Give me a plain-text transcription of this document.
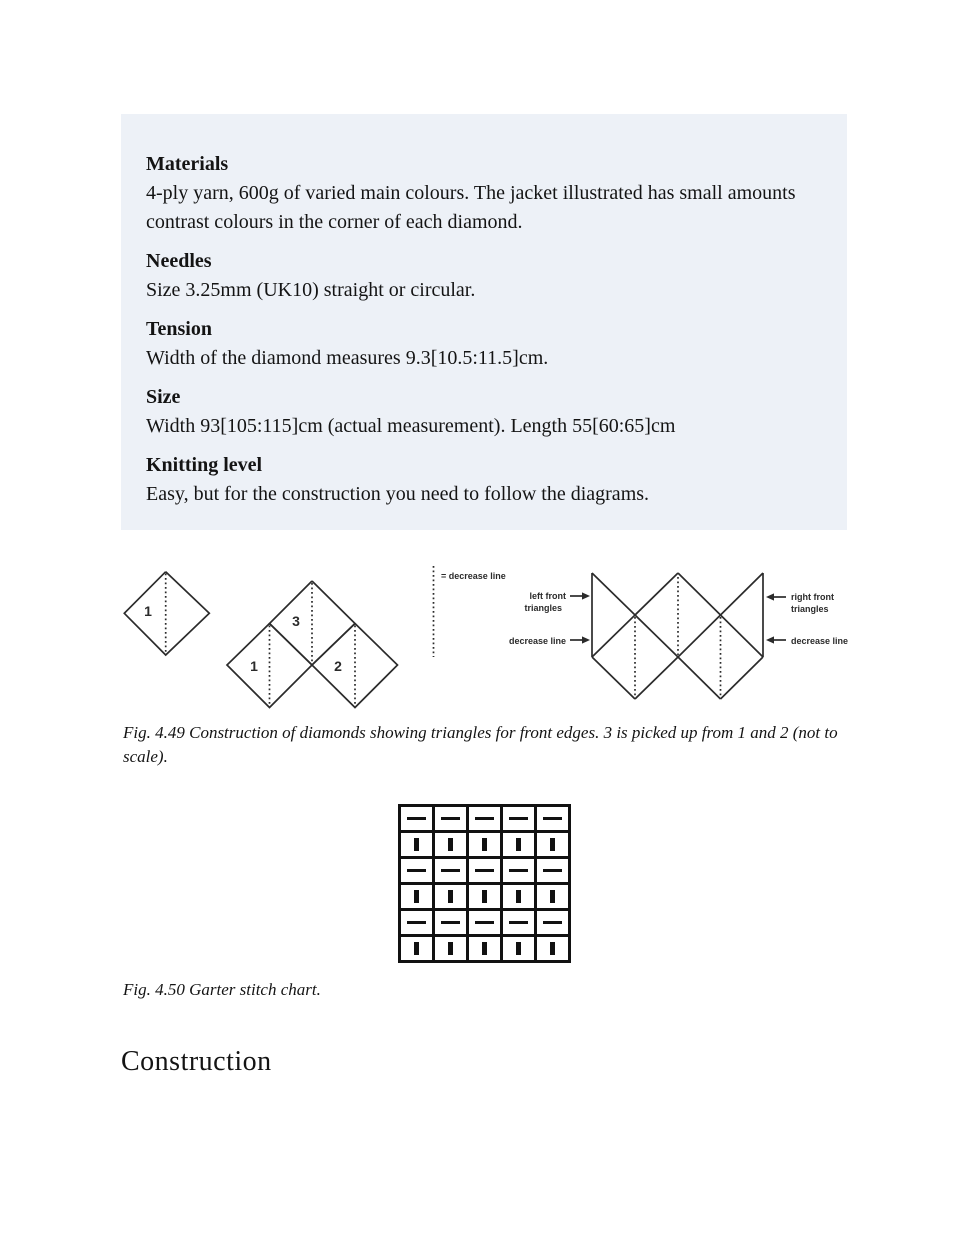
Materials

4-ply yarn, 600g of varied main colours. The jacket illustrated has small amounts contrast colours in the corner of each diamond.

Needles

Size 3.25mm (UK10) straight or circular.

Tension

Width of the diamond measures 9.3[10.5:11.5]cm.

Size

Width 93[105:115]cm (actual measurement). Length 55[60:65]cm

Knitting level

Easy, but for the construction you need to follow the diagrams.

1
3
1	2
= decrease line
left front
triangles
decrease line
right front
triangles
decrease line

Fig. 4.49 Construction of diamonds showing triangles for front edges. 3 is picked up from 1 and 2 (not to scale).

Fig. 4.50 Garter stitch chart.

Construction
